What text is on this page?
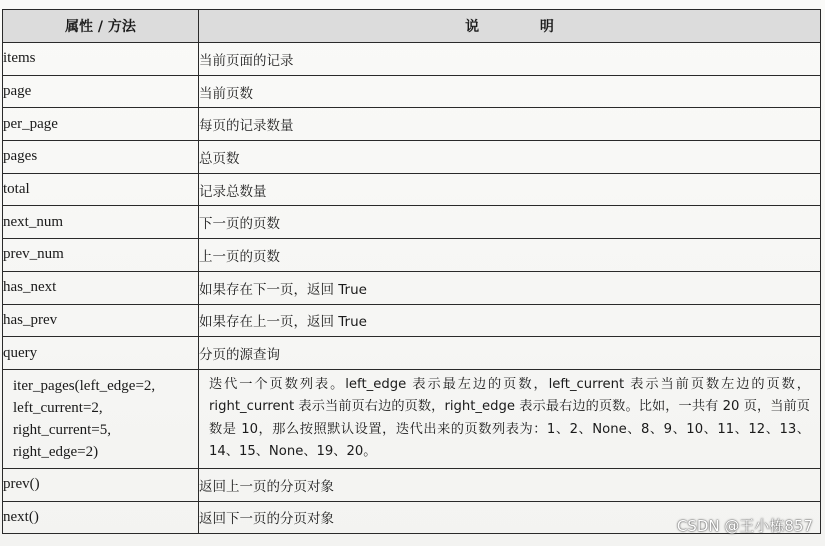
属性 / 方法	说 明
items	当前页面的记录
page	当前页数
per_page	每页的记录数量
pages	总页数
total	记录总数量
next_num	下一页的页数
prev_num	上一页的页数
has_next	如果存在下一页，返回 True
has_prev	如果存在上一页，返回 True
query	分页的源查询
iter_pages(left_edge=2, left_current=2, right_current=5, right_edge=2)	迭代一个页数列表。left_edge 表示最左边的页数，left_current 表示当前页数左边的页数，right_current 表示当前页右边的页数，right_edge 表示最右边的页数。比如，一共有 20 页，当前页数是 10，那么按照默认设置，迭代出来的页数列表为：1、2、None、8、9、10、11、12、13、14、15、None、19、20。
prev()	返回上一页的分页对象
next()	返回下一页的分页对象	CSDN @王小栋857
